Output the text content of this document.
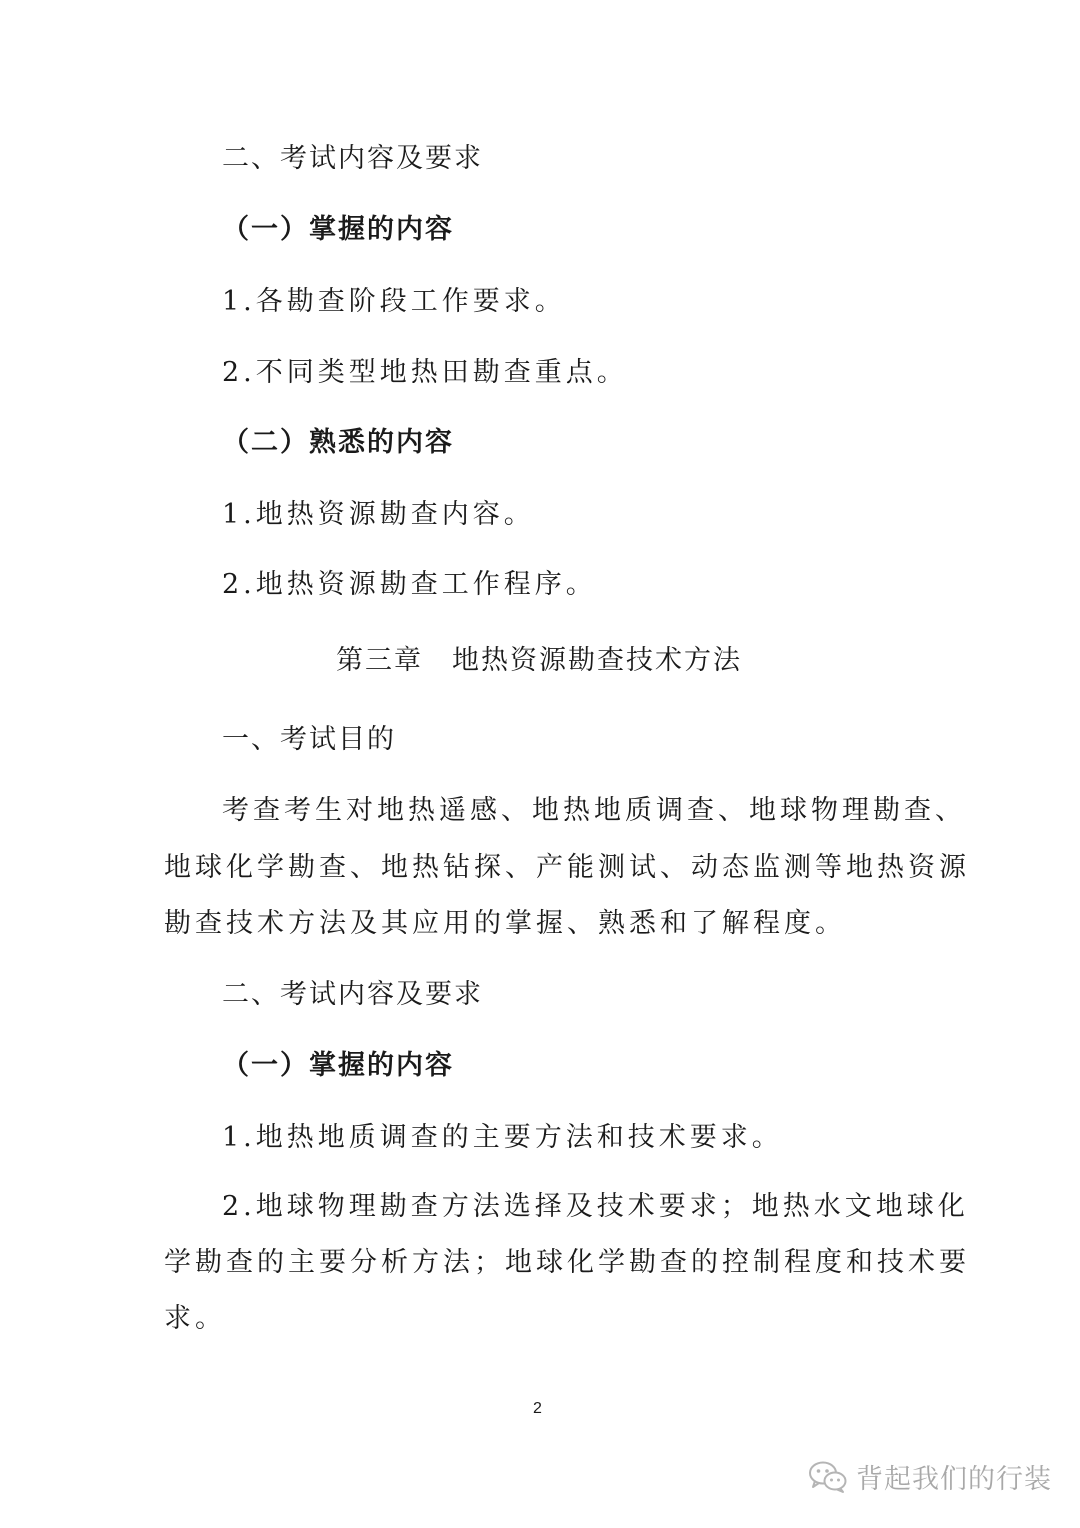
二、考试内容及要求
（一）掌握的内容
1.各勘查阶段工作要求。
2.不同类型地热田勘查重点。
（二）熟悉的内容
1.地热资源勘查内容。
2.地热资源勘查工作程序。
第三章　地热资源勘查技术方法
一、考试目的
考查考生对地热遥感、地热地质调查、地球物理勘查、
地球化学勘查、地热钻探、产能测试、动态监测等地热资源
勘查技术方法及其应用的掌握、熟悉和了解程度。
二、考试内容及要求
（一）掌握的内容
1.地热地质调查的主要方法和技术要求。
2.地球物理勘查方法选择及技术要求；地热水文地球化
学勘查的主要分析方法；地球化学勘查的控制程度和技术要
求。
2
背起我们的行装
